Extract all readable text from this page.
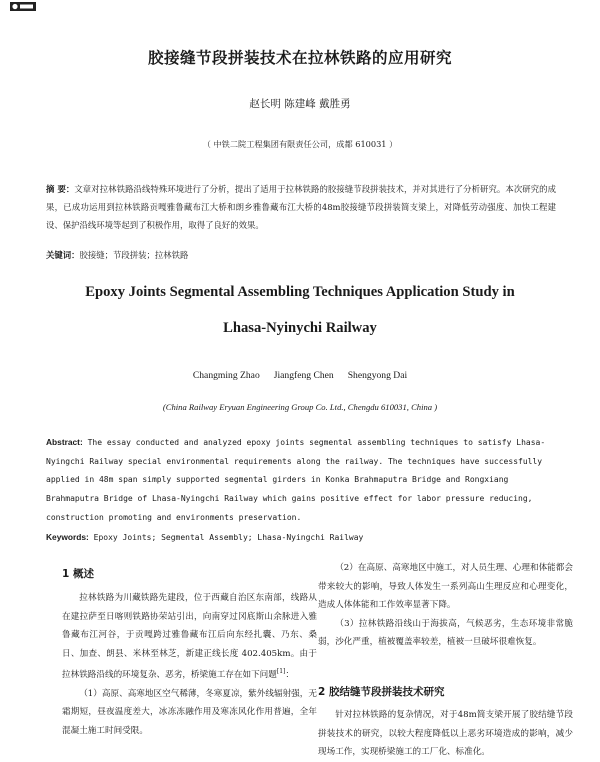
胶接缝节段拼装技术在拉林铁路的应用研究
赵长明 陈建峰 戴胜勇
（ 中铁二院工程集团有限责任公司，成都 610031 ）
摘 要：文章对拉林铁路沿线特殊环境进行了分析，提出了适用于拉林铁路的胶接缝节段拼装技术，并对其进行了分析研究。本次研究的成果，已成功运用到拉林铁路贡嘎雅鲁藏布江大桥和朗乡雅鲁藏布江大桥的48m胶接缝节段拼装简支梁上，对降低劳动强度、加快工程建设、保护沿线环境等起到了积极作用，取得了良好的效果。
关键词：胶接缝；节段拼装；拉林铁路
Epoxy Joints Segmental Assembling Techniques Application Study in
Lhasa-Nyinychi Railway
Changming Zhao Jiangfeng Chen Shengyong Dai
(China Railway Eryuan Engineering Group Co. Ltd., Chengdu 610031, China )
Abstract: The essay conducted and analyzed epoxy joints segmental assembling techniques to satisfy Lhasa-Nyingchi Railway special environmental requirements along the railway. The techniques have successfully applied in 48m span simply supported segmental girders in Konka Brahmaputra Bridge and Rongxiang Brahmaputra Bridge of Lhasa-Nyingchi Railway which gains positive effect for labor pressure reducing, construction promoting and environments preservation.
Keywords: Epoxy Joints; Segmental Assembly; Lhasa-Nyingchi Railway
1 概述

拉林铁路为川藏铁路先建段，位于西藏自治区东南部，线路从在建拉萨至日喀则铁路协荣站引出，向南穿过冈底斯山余脉进入雅鲁藏布江河谷，于贡嘎跨过雅鲁藏布江后向东经扎囊、乃东、桑日、加查、朗县、米林至林芝，新建正线长度 402.405km。由于拉林铁路沿线的环境复杂、恶劣，桥梁施工存在如下问题[1]：

（1）高原、高寒地区空气稀薄，冬寒夏凉，紫外线辐射强，无霜期短，昼夜温度差大，冰冻冻融作用及寒冻风化作用普遍，全年混凝土施工时间受限。

（2）在高原、高寒地区中施工，对人员生理、心理和体能都会带来较大的影响，导致人体发生一系列高山生理反应和心理变化，造成人体体能和工作效率显著下降。

（3）拉林铁路沿线山于海拔高，气候恶劣，生态环境非常脆弱，沙化严重，植被覆盖率较差，植被一旦破坏很难恢复。

2 胶结缝节段拼装技术研究

针对拉林铁路的复杂情况，对于48m简支梁开展了胶结缝节段拼装技术的研究，以较大程度降低以上恶劣环境造成的影响，减少现场工作，实现桥梁施工的工厂化、标准化。
